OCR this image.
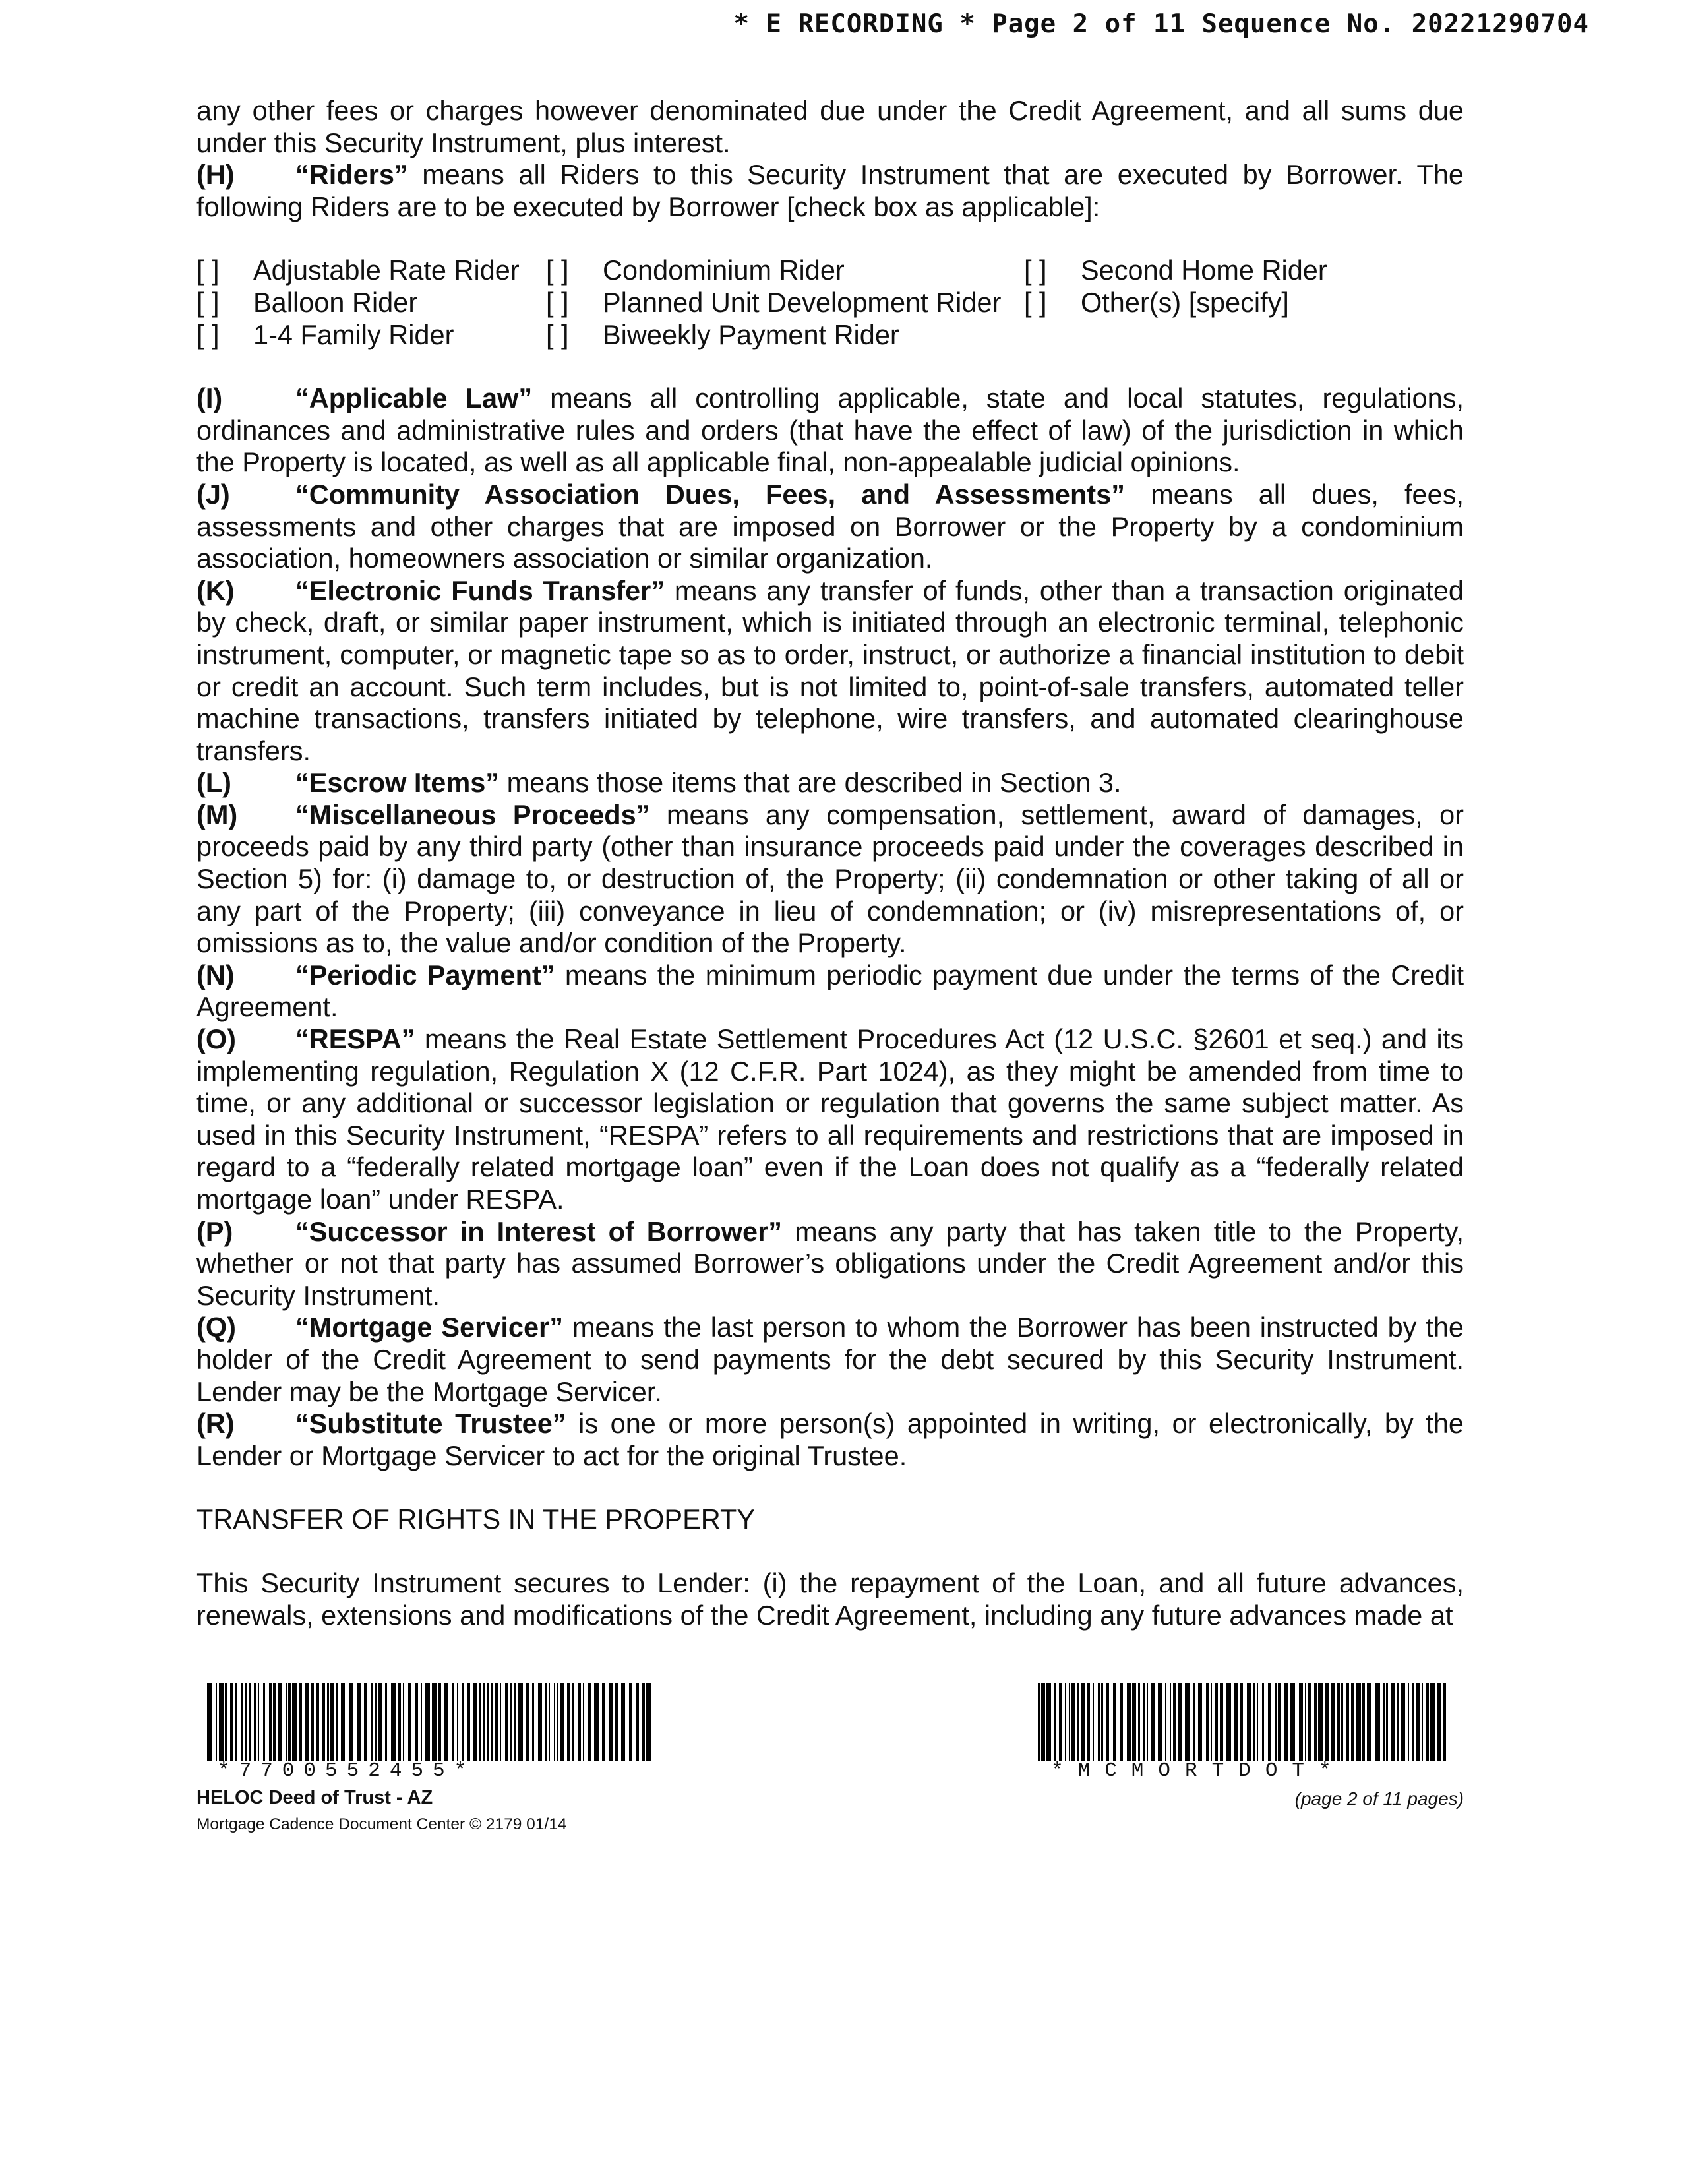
* E RECORDING * Page 2 of 11 Sequence No. 20221290704

any other fees or charges however denominated due under the Credit Agreement, and all sums due under this Security Instrument, plus interest.

(H) “Riders” means all Riders to this Security Instrument that are executed by Borrower. The following Riders are to be executed by Borrower [check box as applicable]:

[ ]	Adjustable Rate Rider [ ]	Condominium Rider	[ ]	Second Home Rider
[ ]	Balloon Rider	[ ]	Planned Unit Development Rider [ ]	Other(s) [specify]
[ ]	1-4 Family Rider	[ ]	Biweekly Payment Rider

(I)	“Applicable Law” means all controlling applicable, state and local statutes, regulations, ordinances and administrative rules and orders (that have the effect of law) of the jurisdiction in which the Property is located, as well as all applicable final, non-appealable judicial opinions.

(J) “Community Association Dues, Fees, and Assessments” means all dues, fees, assessments and other charges that are imposed on Borrower or the Property by a condominium association, homeowners association or similar organization.

(K) “Electronic Funds Transfer” means any transfer of funds, other than a transaction originated by check, draft, or similar paper instrument, which is initiated through an electronic terminal, telephonic instrument, computer, or magnetic tape so as to order, instruct, or authorize a financial institution to debit or credit an account. Such term includes, but is not limited to, point-of-sale transfers, automated teller machine transactions, transfers initiated by telephone, wire transfers, and automated clearinghouse transfers.

(L) “Escrow Items” means those items that are described in Section 3.

(M) “Miscellaneous Proceeds” means any compensation, settlement, award of damages, or proceeds paid by any third party (other than insurance proceeds paid under the coverages described in Section 5) for: (i) damage to, or destruction of, the Property; (ii) condemnation or other taking of all or any part of the Property; (iii) conveyance in lieu of condemnation; or (iv) misrepresentations of, or omissions as to, the value and/or condition of the Property.

(N) “Periodic Payment” means the minimum periodic payment due under the terms of the Credit Agreement.

(O) “RESPA” means the Real Estate Settlement Procedures Act (12 U.S.C. §2601 et seq.) and its implementing regulation, Regulation X (12 C.F.R. Part 1024), as they might be amended from time to time, or any additional or successor legislation or regulation that governs the same subject matter. As used in this Security Instrument, “RESPA” refers to all requirements and restrictions that are imposed in regard to a “federally related mortgage loan” even if the Loan does not qualify as a “federally related mortgage loan” under RESPA.

(P) “Successor in Interest of Borrower” means any party that has taken title to the Property, whether or not that party has assumed Borrower’s obligations under the Credit Agreement and/or this Security Instrument.

(Q) “Mortgage Servicer” means the last person to whom the Borrower has been instructed by the holder of the Credit Agreement to send payments for the debt secured by this Security Instrument. Lender may be the Mortgage Servicer.

(R) “Substitute Trustee” is one or more person(s) appointed in writing, or electronically, by the Lender or Mortgage Servicer to act for the original Trustee.

TRANSFER OF RIGHTS IN THE PROPERTY

This Security Instrument secures to Lender: (i) the repayment of the Loan, and all future advances, renewals, extensions and modifications of the Credit Agreement, including any future advances made at

*7700552455*	*MCMORTDOT*
HELOC Deed of Trust - AZ
Mortgage Cadence Document Center © 2179 01/14
(page 2 of 11 pages)
